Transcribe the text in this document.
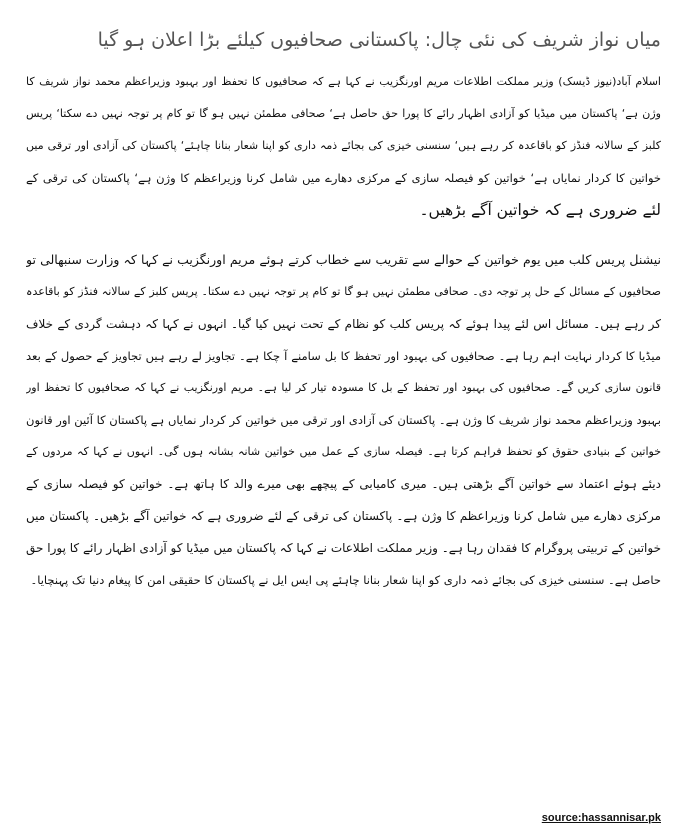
میاں نواز شریف کی نئی چال: پاکستانی صحافیوں کیلئے بڑا اعلان ہو گیا
اسلام آباد(نیوز ڈیسک) وزیر مملکت اطلاعات مریم اورنگزیب نے کہا ہے کہ صحافیوں کا تحفظ اور بہبود وزیراعظم محمد نواز شریف کا
وژن ہے‘ پاکستان میں میڈیا کو آزادی اظہار رائے کا پورا حق حاصل ہے‘ صحافی مطمئن نہیں ہو گا تو کام پر توجہ نہیں دے سکتا‘ پریس
کلبز کے سالانہ فنڈز کو باقاعدہ کر رہے ہیں‘ سنسنی خیزی کی بجائے ذمہ داری کو اپنا شعار بنانا چاہئے‘ پاکستان کی آزادی اور ترقی میں
خواتین کا کردار نمایاں ہے‘ خواتین کو فیصلہ سازی کے مرکزی دھارے میں شامل کرنا وزیراعظم کا وژن ہے‘ پاکستان کی ترقی کے
لئے ضروری ہے کہ خواتین آگے بڑھیں۔
نیشنل پریس کلب میں یوم خواتین کے حوالے سے تقریب سے خطاب کرتے ہوئے مریم اورنگزیب نے کہا کہ وزارت سنبھالی تو
صحافیوں کے مسائل کے حل پر توجہ دی۔ صحافی مطمئن نہیں ہو گا تو کام پر توجہ نہیں دے سکتا۔ پریس کلبز کے سالانہ فنڈز کو باقاعدہ
کر رہے ہیں۔ مسائل اس لئے پیدا ہوئے کہ پریس کلب کو نظام کے تحت نہیں کیا گیا۔ انہوں نے کہا کہ دہشت گردی کے خلاف
میڈیا کا کردار نہایت اہم رہا ہے۔ صحافیوں کی بہبود اور تحفظ کا بل سامنے آ چکا ہے۔ تجاویز لے رہے ہیں تجاویز کے حصول کے بعد
قانون سازی کریں گے۔ صحافیوں کی بہبود اور تحفظ کے بل کا مسودہ تیار کر لیا ہے۔ مریم اورنگزیب نے کہا کہ صحافیوں کا تحفظ اور
بہبود وزیراعظم محمد نواز شریف کا وژن ہے۔ پاکستان کی آزادی اور ترقی میں خواتین کر کردار نمایاں ہے پاکستان کا آئین اور قانون
خواتین کے بنیادی حقوق کو تحفظ فراہم کرتا ہے۔ فیصلہ سازی کے عمل میں خواتین شانہ بشانہ ہوں گی۔ انہوں نے کہا کہ مردوں کے
دیئے ہوئے اعتماد سے خواتین آگے بڑھتی ہیں۔ میری کامیابی کے پیچھے بھی میرے والد کا ہاتھ ہے۔ خواتین کو فیصلہ سازی کے
مرکزی دھارے میں شامل کرنا وزیراعظم کا وژن ہے۔ پاکستان کی ترقی کے لئے ضروری ہے کہ خواتین آگے بڑھیں۔ پاکستان میں
خواتین کے تربیتی پروگرام کا فقدان رہا ہے۔ وزیر مملکت اطلاعات نے کہا کہ پاکستان میں میڈیا کو آزادی اظہار رائے کا پورا حق
حاصل ہے۔ سنسنی خیزی کی بجائے ذمہ داری کو اپنا شعار بنانا چاہئے پی ایس ایل نے پاکستان کا حقیقی امن کا پیغام دنیا تک پہنچایا۔
source:hassannisar.pk
